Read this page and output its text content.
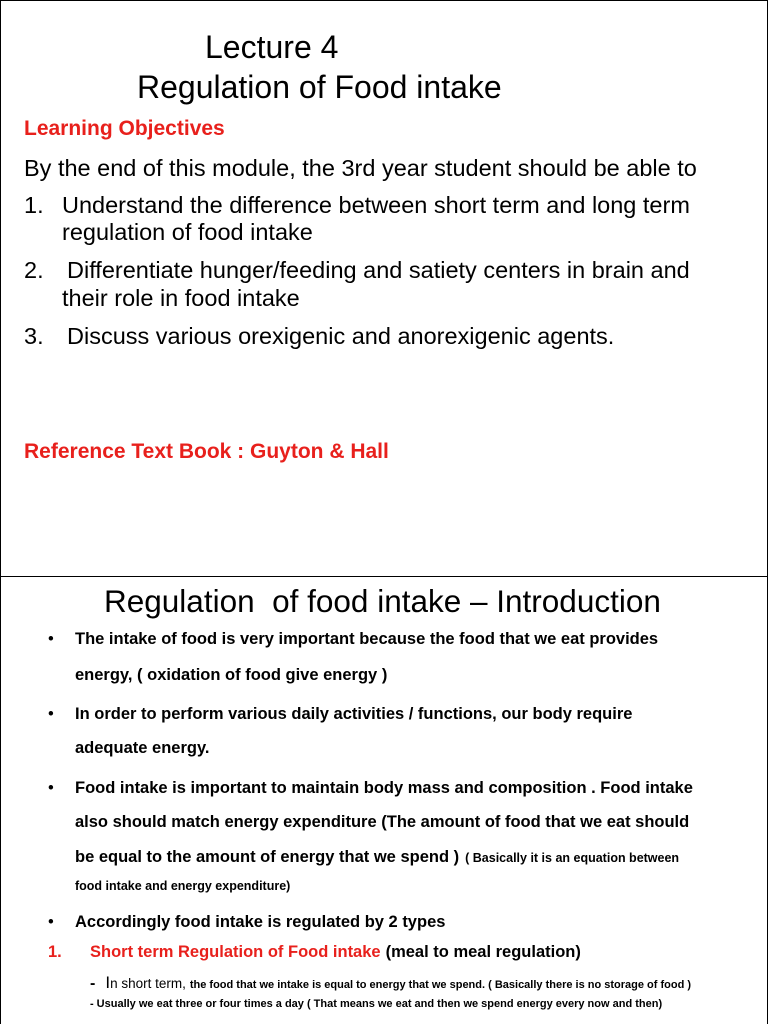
Lecture 4
Regulation of Food intake
Learning Objectives
By the end of this module, the 3rd year student should be able to
1. Understand the difference between short term and long term
regulation of food intake
2. Differentiate hunger/feeding and satiety centers in brain and
their role in food intake
3. Discuss various orexigenic and anorexigenic agents.
Reference Text Book : Guyton & Hall
Regulation  of food intake – Introduction
• The intake of food is very important because the food that we eat provides
energy, ( oxidation of food give energy )
• In order to perform various daily activities / functions, our body require
adequate energy.
• Food intake is important to maintain body mass and composition . Food intake
also should match energy expenditure (The amount of food that we eat should
be equal to the amount of energy that we spend ) ( Basically it is an equation between
food intake and energy expenditure)
• Accordingly food intake is regulated by 2 types
1. Short term Regulation of Food intake (meal to meal regulation)
- In short term, the food that we intake is equal to energy that we spend. ( Basically there is no storage of food )
- Usually we eat three or four times a day ( That means we eat and then we spend energy every now and then)
